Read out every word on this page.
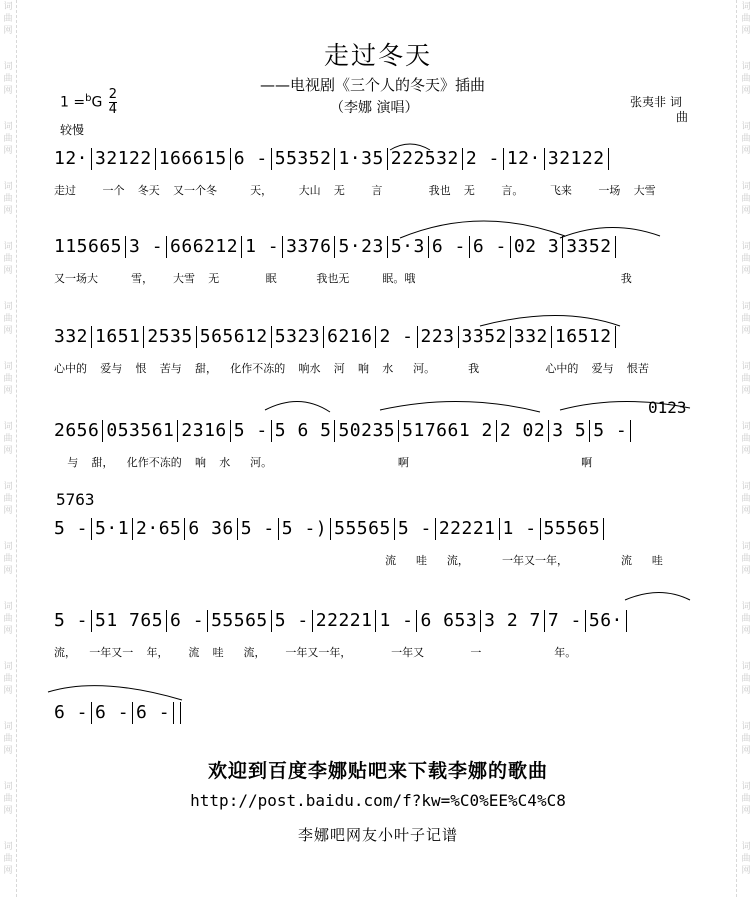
词
曲
网
词
曲
网
词
曲
网
词
曲
网
词
曲
网
词
曲
网
词
曲
网
词
曲
网
词
曲
网
词
曲
网
词
曲
网
词
曲
网
词
曲
网
词
曲
网
词
曲
网
词
曲
网
词
曲
网
词
曲
网
词
曲
网
词
曲
网
词
曲
网
词
曲
网
词
曲
网
词
曲
网
词
曲
网
词
曲
网
词
曲
网
词
曲
网
词
曲
网
词
曲
网
走过冬天
——电视剧《三个人的冬天》插曲
（李娜 演唱）
$1 =^bG \frac{2}{4}$
较慢
张夷非 词
曲
12· 32122 166615 6 - 55352 1·35 222532 2 - 12· 32122
走过    一个  冬天  又一个冬     天，    大山  无    言       我也  无    言。    飞来    一场  大雪
115665 3 - 666212 1 - 3376 5·23 5·3 6 - 6 - 02 3 3352
又一场大     雪，   大雪  无       眠      我也无     眠。哦                               我
332 1651 2535 565612 5323 6216 2 - 223 3352 332 16512
心中的  爱与  恨  苦与  甜，  化作不冻的  响水  河  响  水   河。     我          心中的  爱与  恨苦
2656 053561 2316 5 - 5 6 5 50235 517661 2 2 02 3 5 5 -
与  甜，  化作不冻的  响  水   河。                   啊                          啊
0123
5 - 5·1 2·65 6 36 5 - 5 -) 55565 5 - 22221 1 - 55565
流   哇   流，     一年又一年，        流   哇
5763
5 - 51 765 6 - 55565 5 - 22221 1 - 6 653 3 2 7 7 - 56·
流，  一年又一  年，   流  哇   流，   一年又一年，      一年又       一           年。
6 - 6 - 6 -
欢迎到百度李娜贴吧来下载李娜的歌曲
http://post.baidu.com/f?kw=%C0%EE%C4%C8
李娜吧网友小叶子记谱
